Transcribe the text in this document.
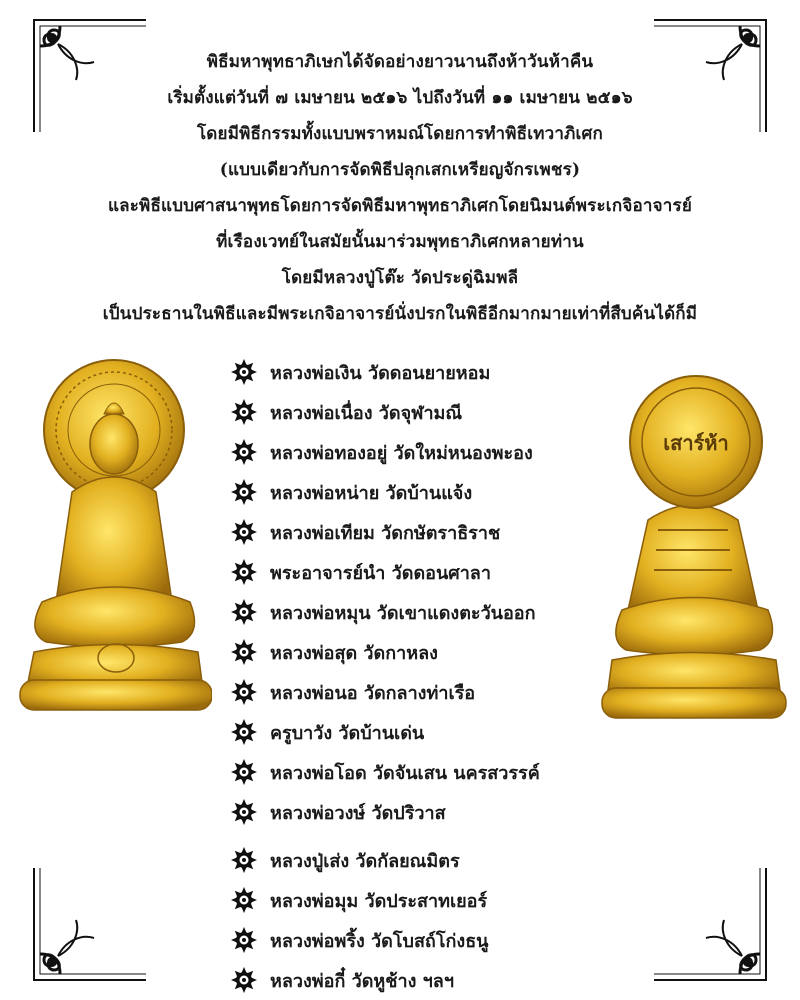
พิธีมหาพุทธาภิเษกได้จัดอย่างยาวนานถึงห้าวันห้าคืน

เริ่มตั้งแต่วันที่ ๗ เมษายน ๒๕๑๖ ไปถึงวันที่ ๑๑ เมษายน ๒๕๑๖

โดยมีพิธีกรรมทั้งแบบพราหมณ์โดยการทำพิธีเทวาภิเศก

(แบบเดียวกับการจัดพิธีปลุกเสกเหรียญจักรเพชร)

และพิธีแบบศาสนาพุทธโดยการจัดพิธีมหาพุทธาภิเศกโดยนิมนต์พระเกจิอาจารย์

ที่เรืองเวทย์ในสมัยนั้นมาร่วมพุทธาภิเศกหลายท่าน

โดยมีหลวงปู่โต๊ะ วัดประดู่ฉิมพลี

เป็นประธานในพิธีและมีพระเกจิอาจารย์นั่งปรกในพิธีอีกมากมายเท่าที่สืบค้นได้ก็มี

เสาร์ห้า
หลวงพ่อเงิน วัดดอนยายหอม
หลวงพ่อเนื่อง วัดจุฬามณี
หลวงพ่อทองอยู่ วัดใหม่หนองพะอง
หลวงพ่อหน่าย วัดบ้านแจ้ง
หลวงพ่อเทียม วัดกษัตราธิราช
พระอาจารย์นำ วัดดอนศาลา
หลวงพ่อหมุน วัดเขาแดงตะวันออก
หลวงพ่อสุด วัดกาหลง
หลวงพ่อนอ วัดกลางท่าเรือ
ครูบาวัง วัดบ้านเด่น
หลวงพ่อโอด วัดจันเสน นครสวรรค์
หลวงพ่อวงษ์ วัดปริวาส
หลวงปู่เส่ง วัดกัลยณมิตร
หลวงพ่อมุม วัดประสาทเยอร์
หลวงพ่อพริ้ง วัดโบสถ์โก่งธนู
หลวงพ่อกี๋ วัดหูช้าง ฯลฯ
